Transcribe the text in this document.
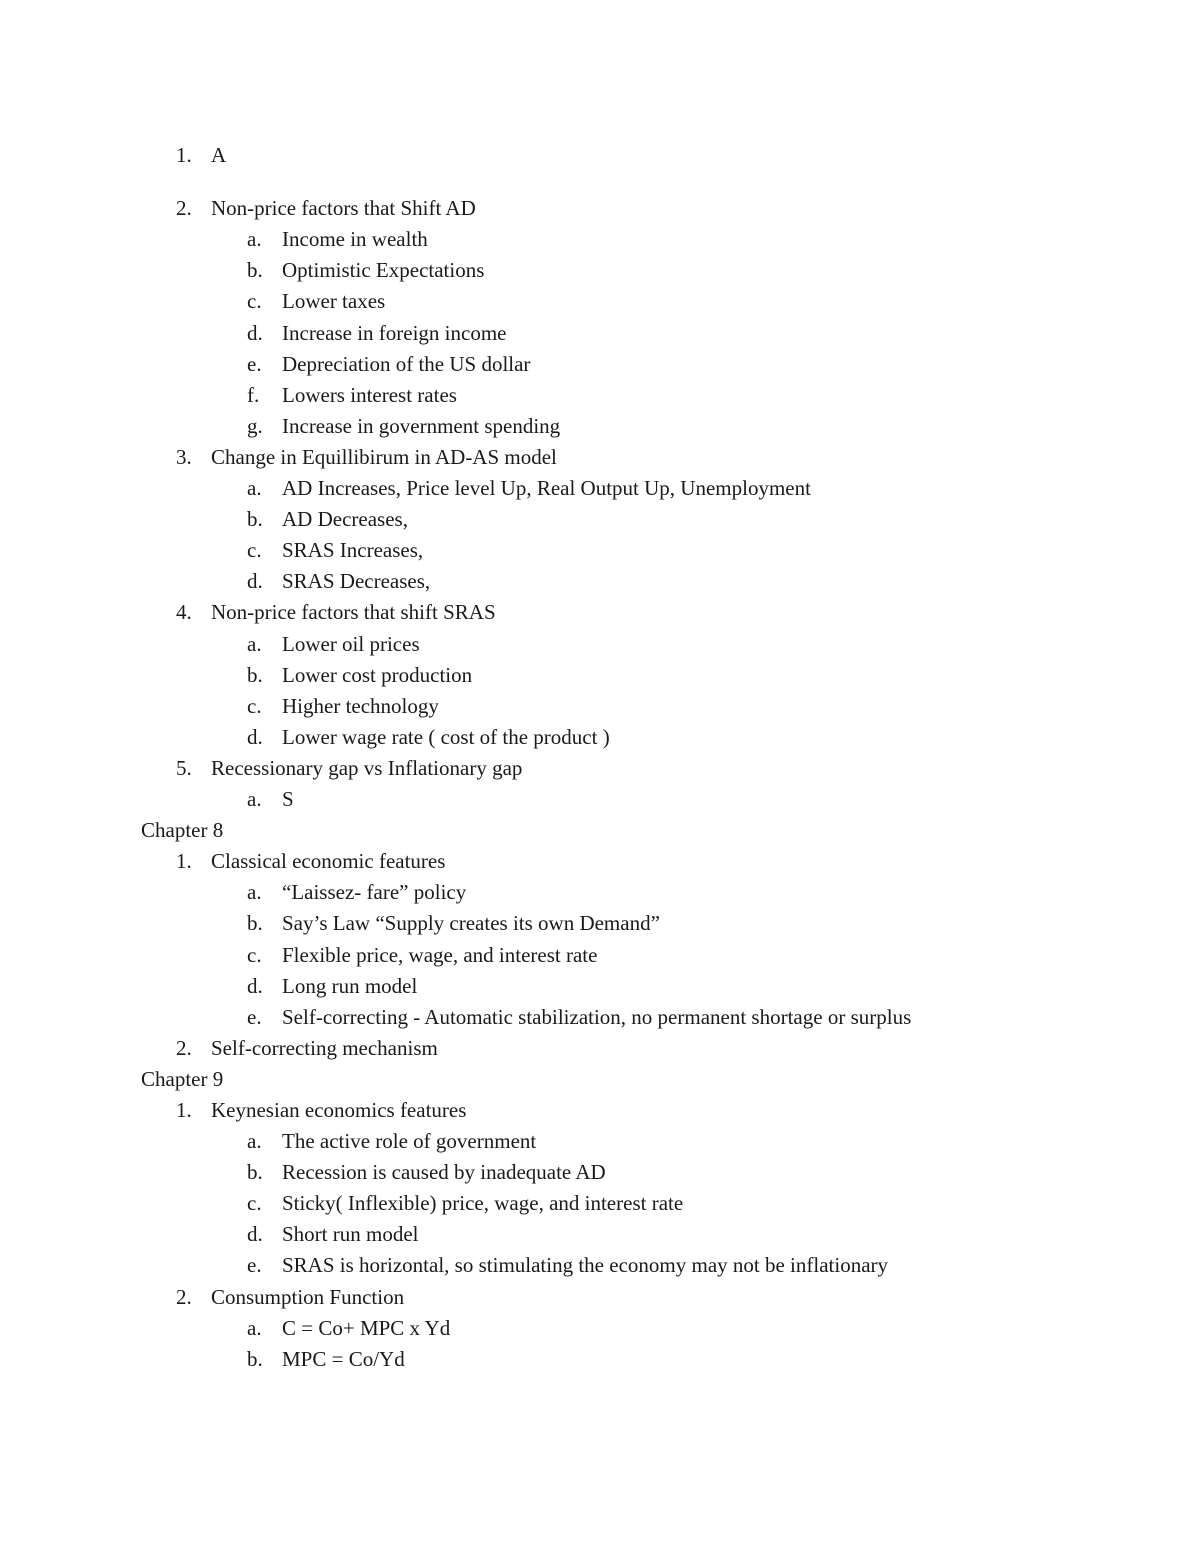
1. A
2. Non-price factors that Shift AD
a. Income in wealth
b. Optimistic Expectations
c. Lower taxes
d. Increase in foreign income
e. Depreciation of the US dollar
f. Lowers interest rates
g. Increase in government spending
3. Change in Equillibirum in AD-AS model
a. AD Increases, Price level Up, Real Output Up, Unemployment
b. AD Decreases,
c. SRAS Increases,
d. SRAS Decreases,
4. Non-price factors that shift SRAS
a. Lower oil prices
b. Lower cost production
c. Higher technology
d. Lower wage rate ( cost of the product )
5. Recessionary gap vs Inflationary gap
a. S
Chapter 8
1. Classical economic features
a. “Laissez- fare” policy
b. Say’s Law “Supply creates its own Demand”
c. Flexible price, wage, and interest rate
d. Long run model
e. Self-correcting - Automatic stabilization, no permanent shortage or surplus
2. Self-correcting mechanism
Chapter 9
1. Keynesian economics features
a. The active role of government
b. Recession is caused by inadequate AD
c. Sticky( Inflexible) price, wage, and interest rate
d. Short run model
e. SRAS is horizontal, so stimulating the economy may not be inflationary
2. Consumption Function
a. C = Co+ MPC x Yd
b. MPC = Co/Yd
